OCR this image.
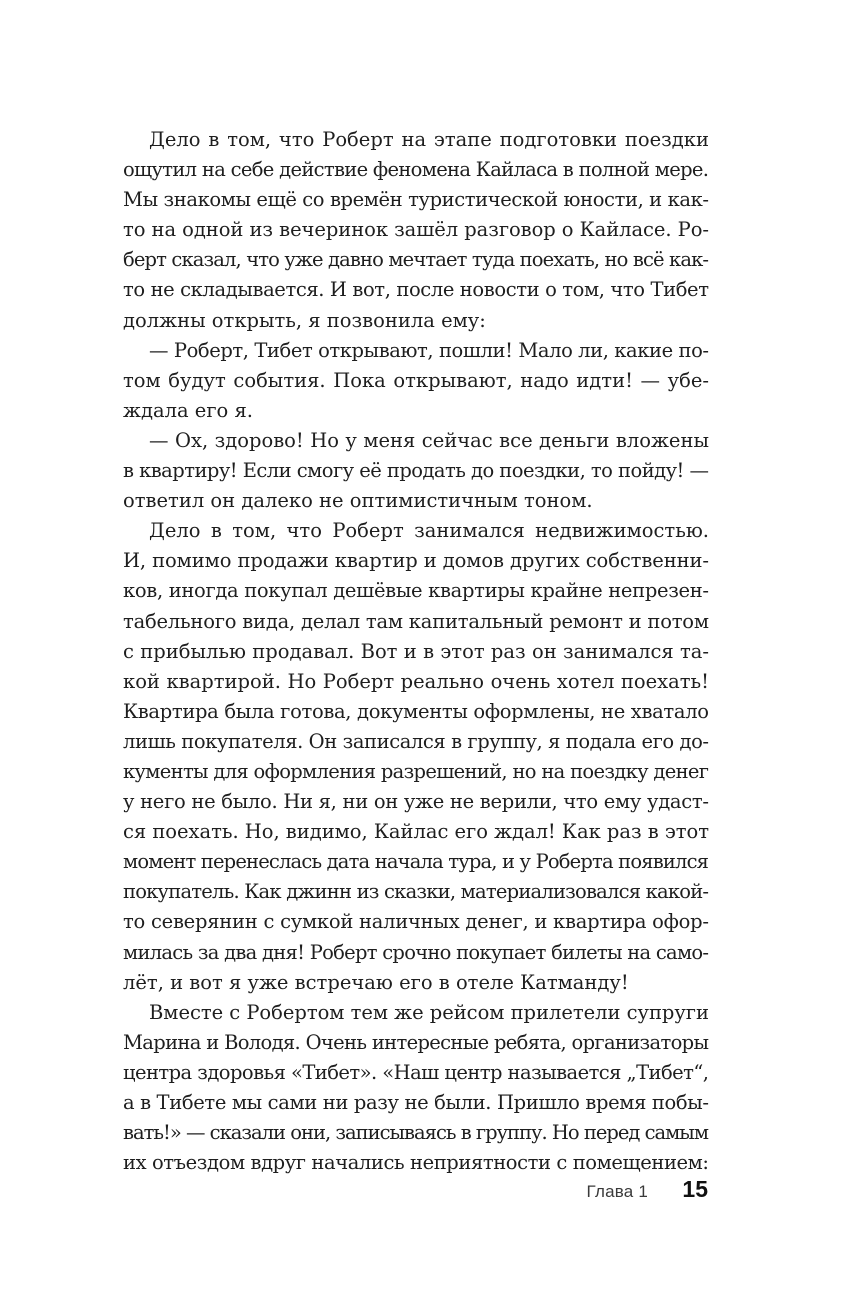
Дело в том, что Роберт на этапе подготовки поездки
ощутил на себе действие феномена Кайласа в полной мере.
Мы знакомы ещё со времён туристической юности, и как-
то на одной из вечеринок зашёл разговор о Кайласе. Ро-
берт сказал, что уже давно мечтает туда поехать, но всё как-
то не складывается. И вот, после новости о том, что Тибет
должны открыть, я позвонила ему:
— Роберт, Тибет открывают, пошли! Мало ли, какие по-
том будут события. Пока открывают, надо идти! — убе-
ждала его я.
— Ох, здорово! Но у меня сейчас все деньги вложены
в квартиру! Если смогу её продать до поездки, то пойду! —
ответил он далеко не оптимистичным тоном.
Дело в том, что Роберт занимался недвижимостью.
И, помимо продажи квартир и домов других собственни-
ков, иногда покупал дешёвые квартиры крайне непрезен-
табельного вида, делал там капитальный ремонт и потом
с прибылью продавал. Вот и в этот раз он занимался та-
кой квартирой. Но Роберт реально очень хотел поехать!
Квартира была готова, документы оформлены, не хватало
лишь покупателя. Он записался в группу, я подала его до-
кументы для оформления разрешений, но на поездку денег
у него не было. Ни я, ни он уже не верили, что ему удаст-
ся поехать. Но, видимо, Кайлас его ждал! Как раз в этот
момент перенеслась дата начала тура, и у Роберта появился
покупатель. Как джинн из сказки, материализовался какой-
то северянин с сумкой наличных денег, и квартира офор-
милась за два дня! Роберт срочно покупает билеты на само-
лёт, и вот я уже встречаю его в отеле Катманду!
Вместе с Робертом тем же рейсом прилетели супруги
Марина и Володя. Очень интересные ребята, организаторы
центра здоровья «Тибет». «Наш центр называется „Тибет“,
а в Тибете мы сами ни разу не были. Пришло время побы-
вать!» — сказали они, записываясь в группу. Но перед самым
их отъездом вдруг начались неприятности с помещением:
Глава 1 15
